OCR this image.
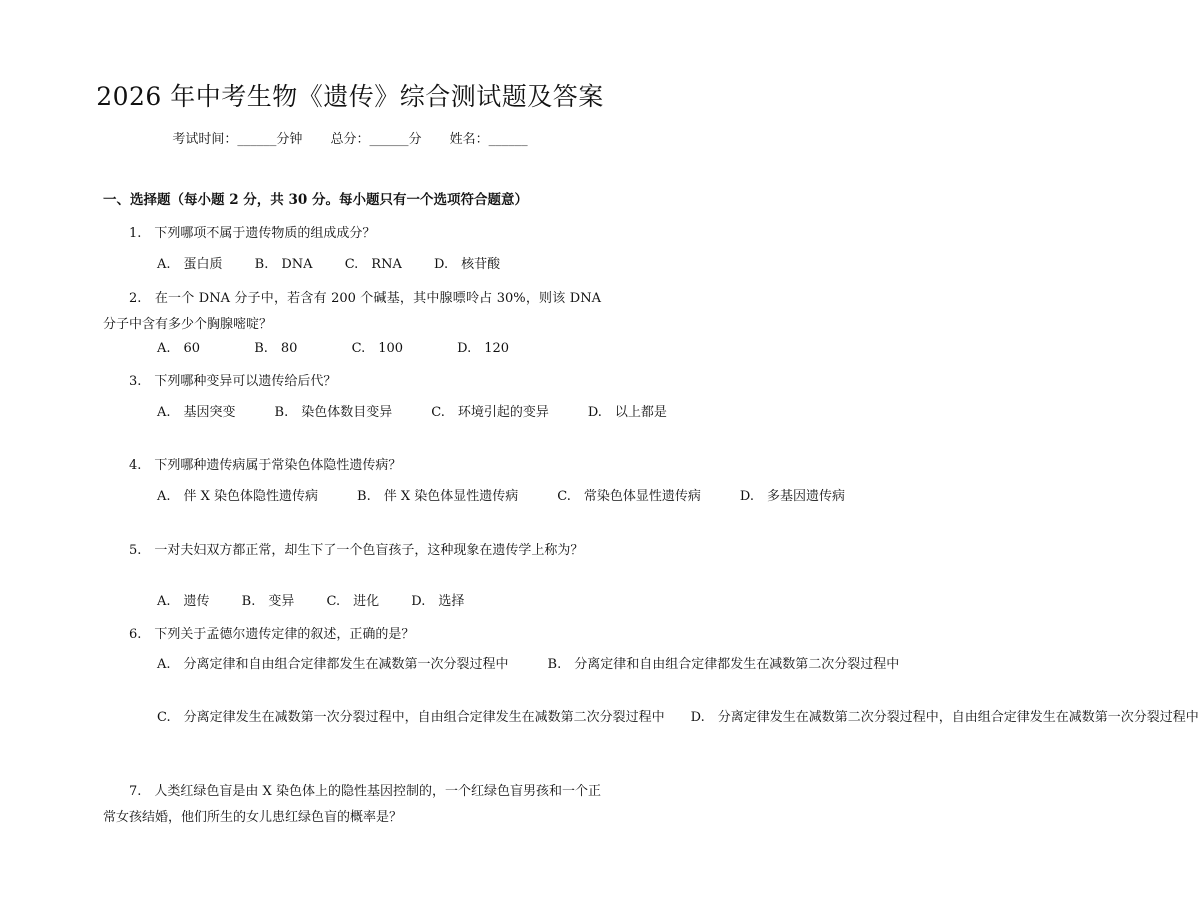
2026 年中考生物《遗传》综合测试题及答案
考试时间：______分钟 总分：______分 姓名：______
一、选择题（每小题 2 分，共 30 分。每小题只有一个选项符合题意）
1.　下列哪项不属于遗传物质的组成成分？
A.　蛋白质 B.　DNA C.　RNA D.　核苷酸
2.　在一个 DNA 分子中，若含有 200 个碱基，其中腺嘌呤占 30%，则该 DNA 分子中含有多少个胸腺嘧啶？
A.　60	B.　80	C.　100	D.　120
3.　下列哪种变异可以遗传给后代？
A.　基因突变　　　B.　染色体数目变异　　　C.　环境引起的变异　　　D.　以上都是
4.　下列哪种遗传病属于常染色体隐性遗传病？
A.　伴 X 染色体隐性遗传病　　　B.　伴 X 染色体显性遗传病　　　C.　常染色体显性遗传病　　　D.　多基因遗传病
5.　一对夫妇双方都正常，却生下了一个色盲孩子，这种现象在遗传学上称为？
A.　遗传 B.　变异 C.　进化 D.　选择
6.　下列关于孟德尔遗传定律的叙述，正确的是？
A.　分离定律和自由组合定律都发生在减数第一次分裂过程中　　　B.　分离定律和自由组合定律都发生在减数第二次分裂过程中
C.　分离定律发生在减数第一次分裂过程中，自由组合定律发生在减数第二次分裂过程中　　D.　分离定律发生在减数第二次分裂过程中，自由组合定律发生在减数第一次分裂过程中
7.　人类红绿色盲是由 X 染色体上的隐性基因控制的，一个红绿色盲男孩和一个正常女孩结婚，他们所生的女儿患红绿色盲的概率是？
